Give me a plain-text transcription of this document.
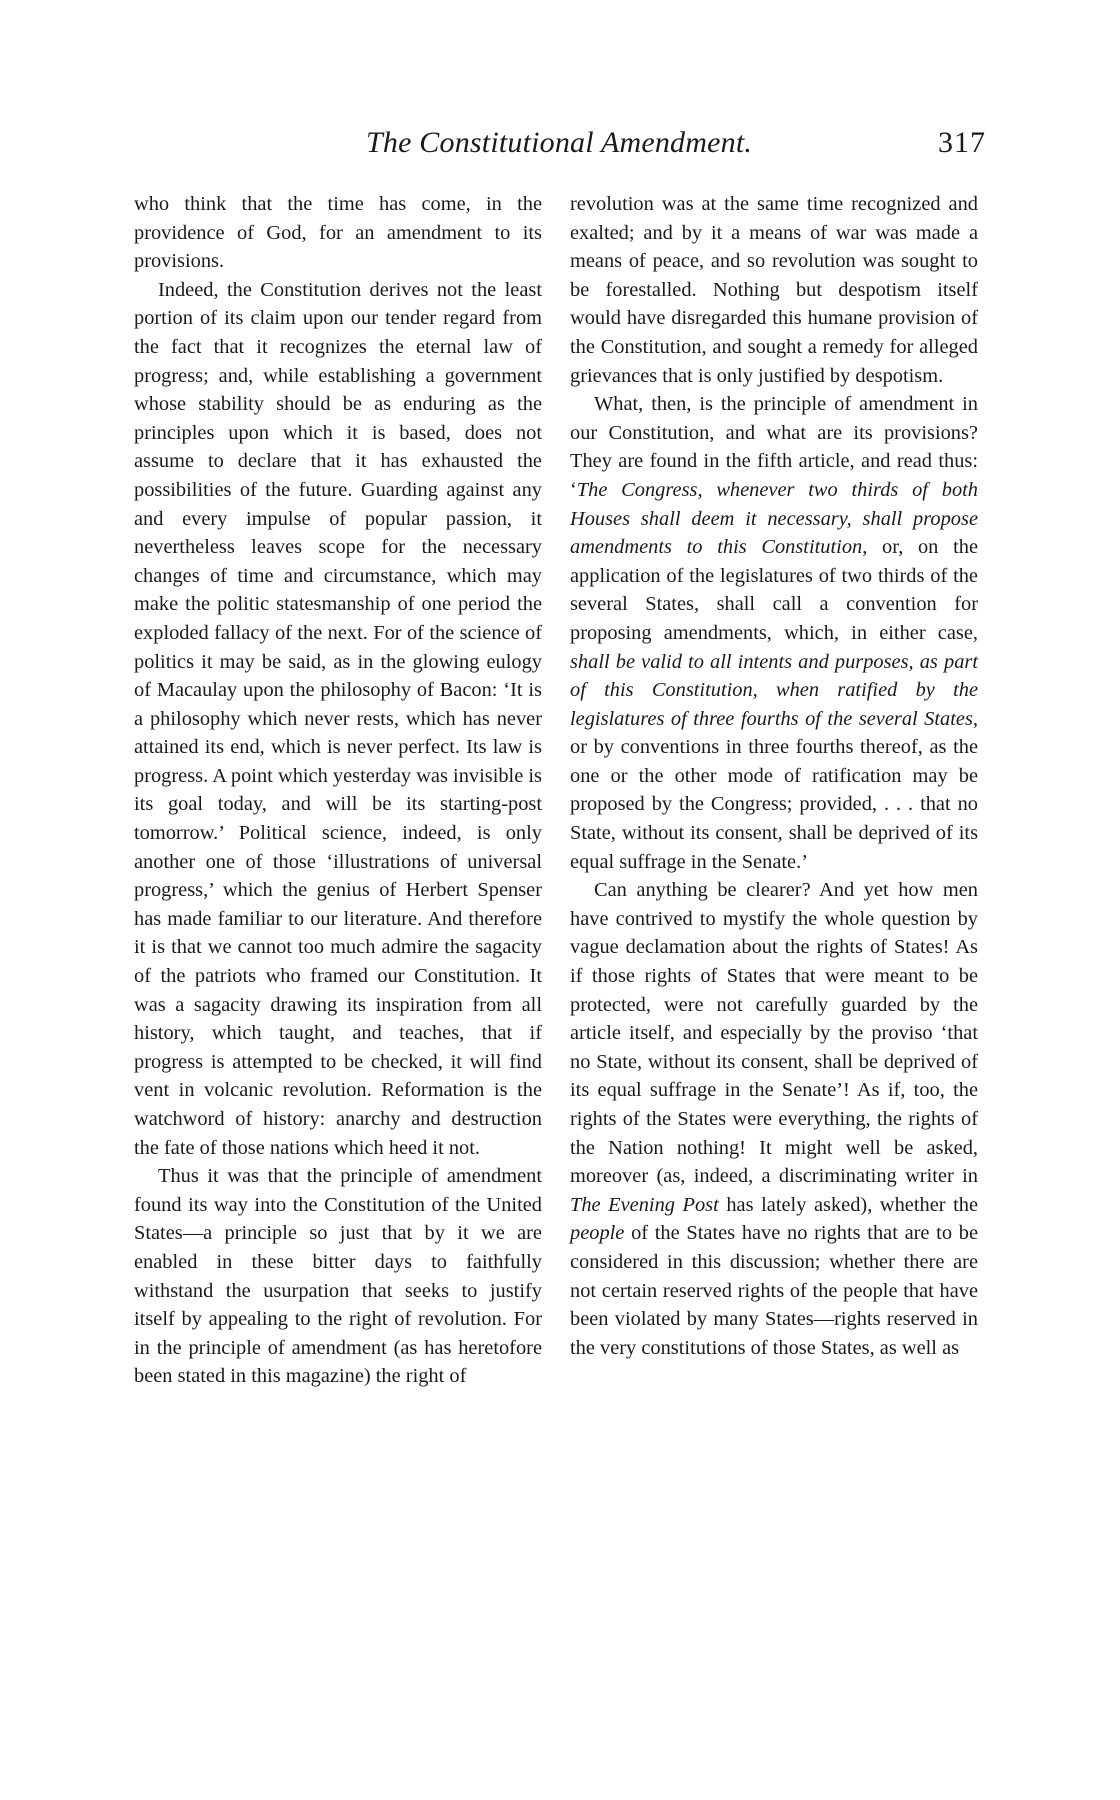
The Constitutional Amendment.	317

who think that the time has come, in the providence of God, for an amendment to its provisions.

Indeed, the Constitution derives not the least portion of its claim upon our tender regard from the fact that it recognizes the eternal law of progress; and, while establishing a government whose stability should be as enduring as the principles upon which it is based, does not assume to declare that it has exhausted the possibilities of the future. Guarding against any and every impulse of popular passion, it nevertheless leaves scope for the necessary changes of time and circumstance, which may make the politic statesmanship of one period the exploded fallacy of the next. For of the science of politics it may be said, as in the glowing eulogy of Macaulay upon the philosophy of Bacon: ‘It is a philosophy which never rests, which has never attained its end, which is never perfect. Its law is progress. A point which yesterday was invisible is its goal today, and will be its starting-post tomorrow.’ Political science, indeed, is only another one of those ‘illustrations of universal progress,’ which the genius of Herbert Spenser has made familiar to our literature. And therefore it is that we cannot too much admire the sagacity of the patriots who framed our Constitution. It was a sagacity drawing its inspiration from all history, which taught, and teaches, that if progress is attempted to be checked, it will find vent in volcanic revolution. Reformation is the watchword of history: anarchy and destruction the fate of those nations which heed it not.

Thus it was that the principle of amendment found its way into the Constitution of the United States—a principle so just that by it we are enabled in these bitter days to faithfully withstand the usurpation that seeks to justify itself by appealing to the right of revolution. For in the principle of amendment (as has heretofore been stated in this magazine) the right of

revolution was at the same time recognized and exalted; and by it a means of war was made a means of peace, and so revolution was sought to be forestalled. Nothing but despotism itself would have disregarded this humane provision of the Constitution, and sought a remedy for alleged grievances that is only justified by despotism.

What, then, is the principle of amendment in our Constitution, and what are its provisions? They are found in the fifth article, and read thus: ‘The Congress, whenever two thirds of both Houses shall deem it necessary, shall propose amendments to this Constitution, or, on the application of the legislatures of two thirds of the several States, shall call a convention for proposing amendments, which, in either case, shall be valid to all intents and purposes, as part of this Constitution, when ratified by the legislatures of three fourths of the several States, or by conventions in three fourths thereof, as the one or the other mode of ratification may be proposed by the Congress; provided, . . . that no State, without its consent, shall be deprived of its equal suffrage in the Senate.’

Can anything be clearer? And yet how men have contrived to mystify the whole question by vague declamation about the rights of States! As if those rights of States that were meant to be protected, were not carefully guarded by the article itself, and especially by the proviso ‘that no State, without its consent, shall be deprived of its equal suffrage in the Senate’! As if, too, the rights of the States were everything, the rights of the Nation nothing! It might well be asked, moreover (as, indeed, a discriminating writer in The Evening Post has lately asked), whether the people of the States have no rights that are to be considered in this discussion; whether there are not certain reserved rights of the people that have been violated by many States—rights reserved in the very constitutions of those States, as well as
